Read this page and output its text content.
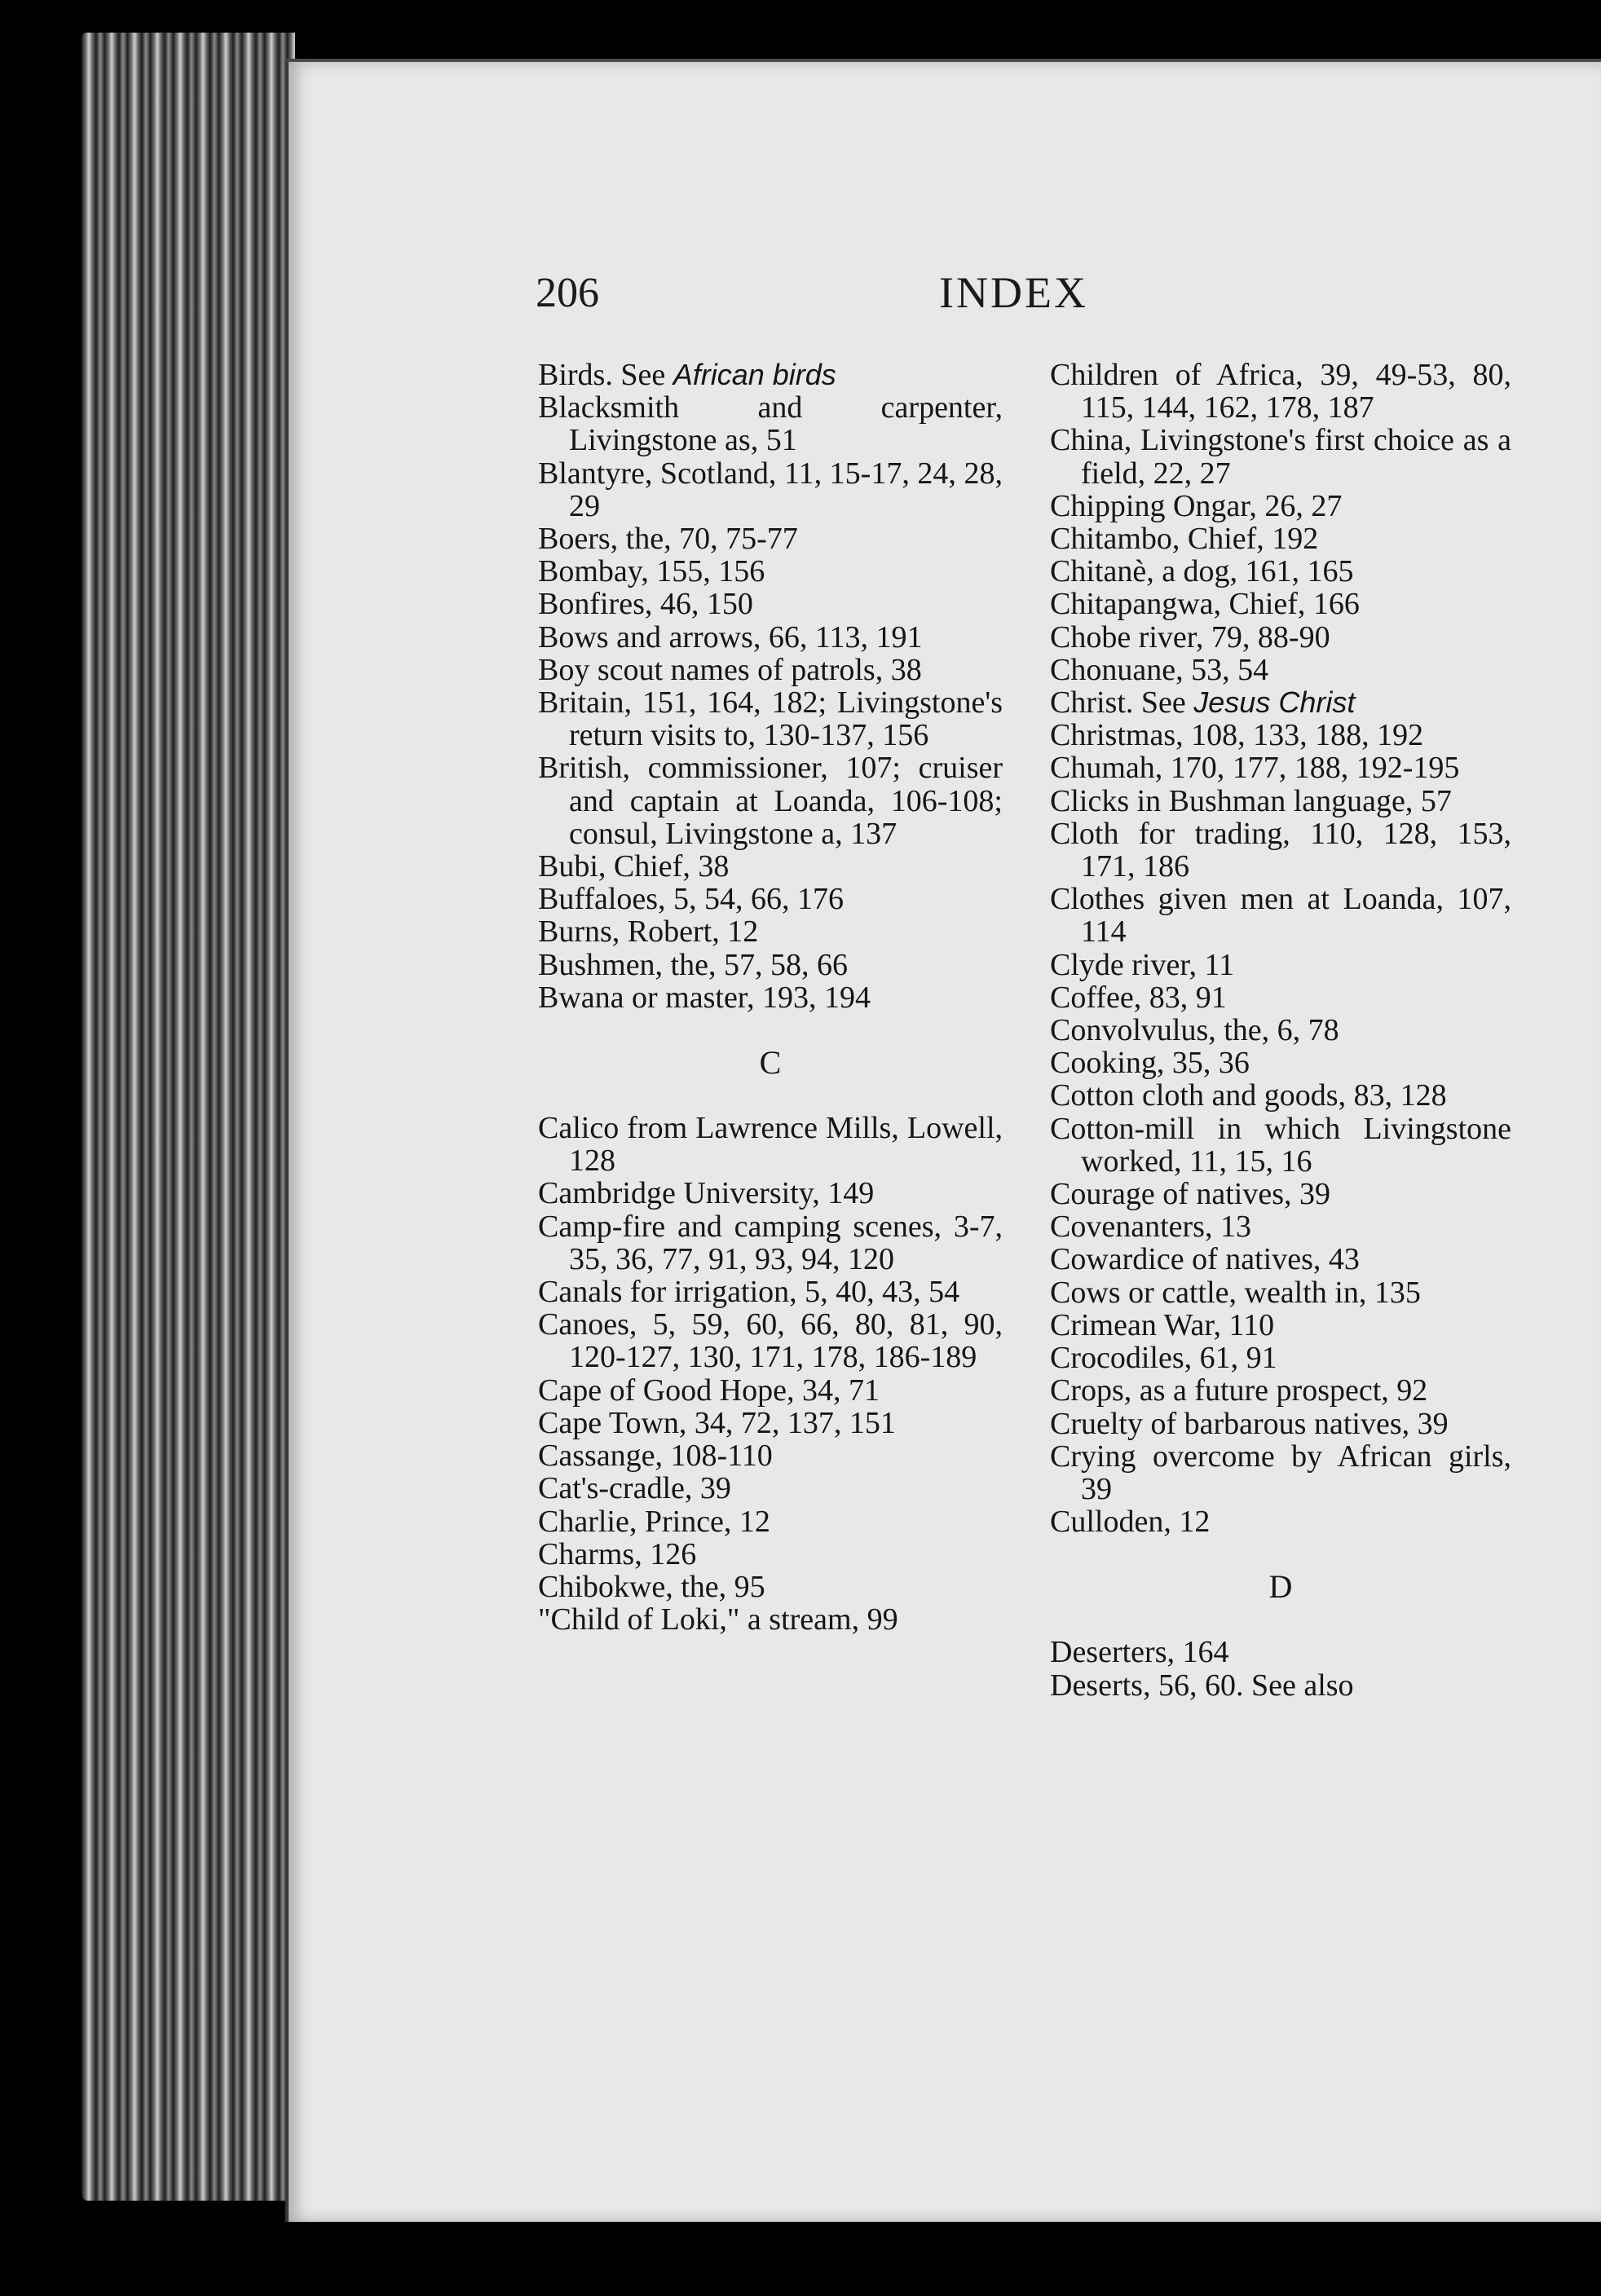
206	INDEX
Birds. See African birds
Blacksmith and carpenter, Livingstone as, 51
Blantyre, Scotland, 11, 15-17, 24, 28, 29
Boers, the, 70, 75-77
Bombay, 155, 156
Bonfires, 46, 150
Bows and arrows, 66, 113, 191
Boy scout names of patrols, 38
Britain, 151, 164, 182; Livingstone's return visits to, 130-137, 156
British, commissioner, 107; cruiser and captain at Loanda, 106-108; consul, Livingstone a, 137
Bubi, Chief, 38
Buffaloes, 5, 54, 66, 176
Burns, Robert, 12
Bushmen, the, 57, 58, 66
Bwana or master, 193, 194
C
Calico from Lawrence Mills, Lowell, 128
Cambridge University, 149
Camp-fire and camping scenes, 3-7, 35, 36, 77, 91, 93, 94, 120
Canals for irrigation, 5, 40, 43, 54
Canoes, 5, 59, 60, 66, 80, 81, 90, 120-127, 130, 171, 178, 186-189
Cape of Good Hope, 34, 71
Cape Town, 34, 72, 137, 151
Cassange, 108-110
Cat's-cradle, 39
Charlie, Prince, 12
Charms, 126
Chibokwe, the, 95
"Child of Loki," a stream, 99
Children of Africa, 39, 49-53, 80, 115, 144, 162, 178, 187
China, Livingstone's first choice as a field, 22, 27
Chipping Ongar, 26, 27
Chitambo, Chief, 192
Chitanè, a dog, 161, 165
Chitapangwa, Chief, 166
Chobe river, 79, 88-90
Chonuane, 53, 54
Christ. See Jesus Christ
Christmas, 108, 133, 188, 192
Chumah, 170, 177, 188, 192-195
Clicks in Bushman language, 57
Cloth for trading, 110, 128, 153, 171, 186
Clothes given men at Loanda, 107, 114
Clyde river, 11
Coffee, 83, 91
Convolvulus, the, 6, 78
Cooking, 35, 36
Cotton cloth and goods, 83, 128
Cotton-mill in which Livingstone worked, 11, 15, 16
Courage of natives, 39
Covenanters, 13
Cowardice of natives, 43
Cows or cattle, wealth in, 135
Crimean War, 110
Crocodiles, 61, 91
Crops, as a future prospect, 92
Cruelty of barbarous natives, 39
Crying overcome by African girls, 39
Culloden, 12
D
Deserters, 164
Deserts, 56, 60. See also
